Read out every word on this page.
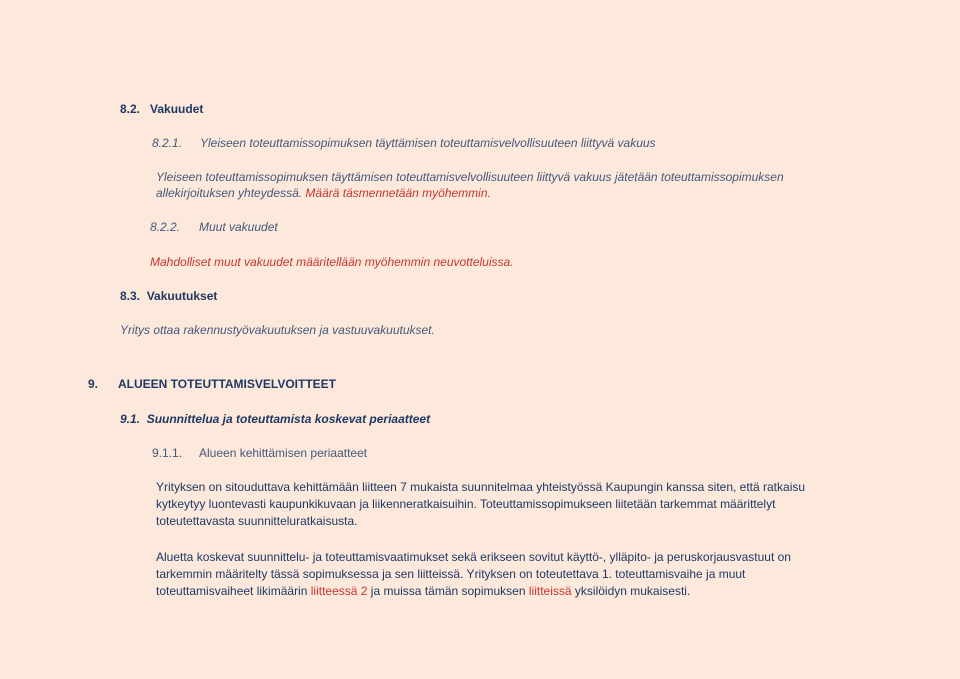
8.2. Vakuudet
8.2.1. Yleiseen toteuttamissopimuksen täyttämisen toteuttamisvelvollisuuteen liittyvä vakuus
Yleiseen toteuttamissopimuksen täyttämisen toteuttamisvelvollisuuteen liittyvä vakuus jätetään toteuttamissopimuksen
allekirjoituksen yhteydessä. Määrä täsmennetään myöhemmin.
8.2.2. Muut vakuudet
Mahdolliset muut vakuudet määritellään myöhemmin neuvotteluissa.
8.3. Vakuutukset
Yritys ottaa rakennustyövakuutuksen ja vastuuvakuutukset.
9. ALUEEN TOTEUTTAMISVELVOITTEET
9.1. Suunnittelua ja toteuttamista koskevat periaatteet
9.1.1. Alueen kehittämisen periaatteet
Yrityksen on sitouduttava kehittämään liitteen 7 mukaista suunnitelmaa yhteistyössä Kaupungin kanssa siten, että ratkaisu
kytkeytyy luontevasti kaupunkikuvaan ja liikenneratkaisuihin. Toteuttamissopimukseen liitetään tarkemmat määrittelyt
toteutettavasta suunnitteluratkaisusta.
Aluetta koskevat suunnittelu- ja toteuttamisvaatimukset sekä erikseen sovitut käyttö-, ylläpito- ja peruskorjausvastuut on
tarkemmin määritelty tässä sopimuksessa ja sen liitteissä. Yrityksen on toteutettava 1. toteuttamisvaihe ja muut
toteuttamisvaiheet likimäärin liitteessä 2 ja muissa tämän sopimuksen liitteissä yksilöidyn mukaisesti.
